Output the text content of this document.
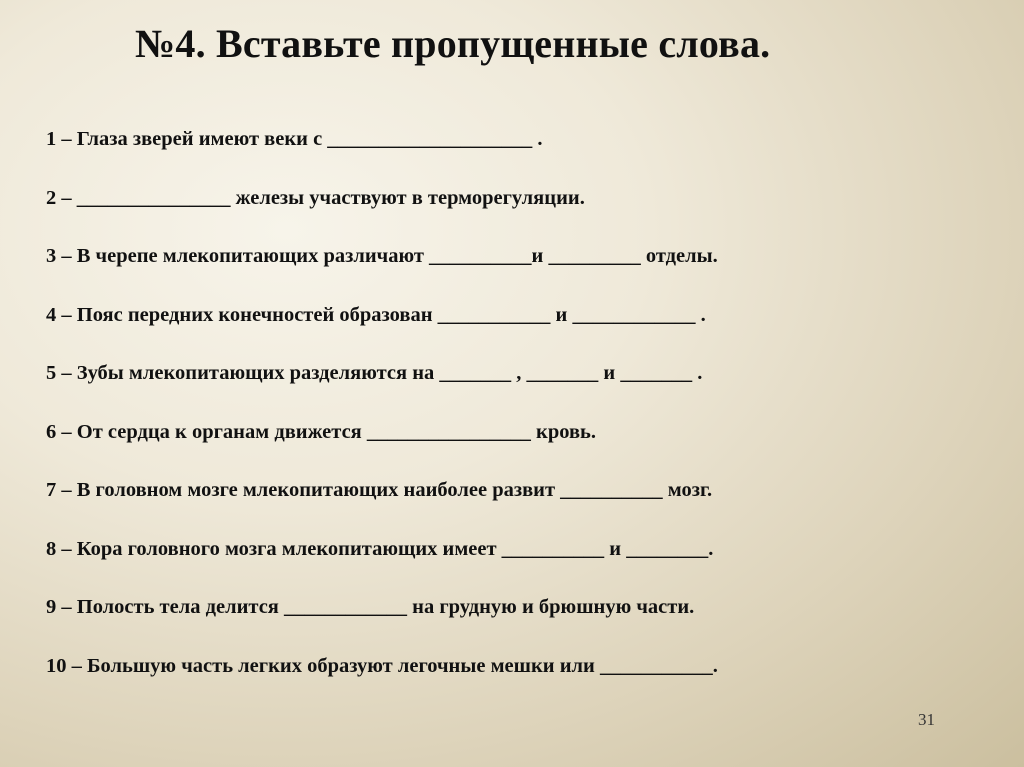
№4. Вставьте пропущенные слова.
1 – Глаза зверей имеют веки с ____________________ .
2 – _______________ железы участвуют в терморегуляции.
3 – В черепе млекопитающих различают __________и _________ отделы.
4 – Пояс передних конечностей образован ___________ и ____________ .
5 – Зубы млекопитающих разделяются на _______ , _______ и _______ .
6 – От сердца к органам движется ________________ кровь.
7 – В головном мозге млекопитающих наиболее развит __________ мозг.
8 – Кора головного мозга млекопитающих имеет __________ и ________.
9 – Полость тела делится ____________ на грудную и брюшную части.
10 – Большую часть легких образуют легочные мешки или ___________.
31
